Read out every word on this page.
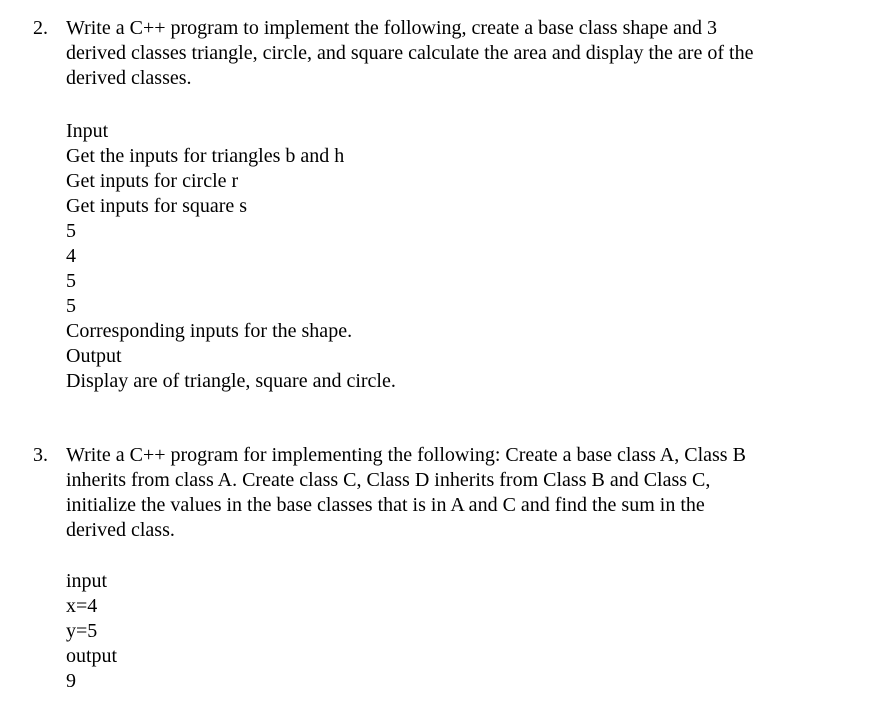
2. Write a C++ program to implement the following, create a base class shape and 3
derived classes triangle, circle, and square calculate the area and display the are of the
derived classes.
Input
Get the inputs for triangles b and h
Get inputs for circle r
Get inputs for square s
5
4
5
5
Corresponding inputs for the shape.
Output
Display are of triangle, square and circle.
3. Write a C++ program for implementing the following: Create a base class A, Class B
inherits from class A. Create class C, Class D inherits from Class B and Class C,
initialize the values in the base classes that is in A and C and find the sum in the
derived class.
input
x=4
y=5
output
9
